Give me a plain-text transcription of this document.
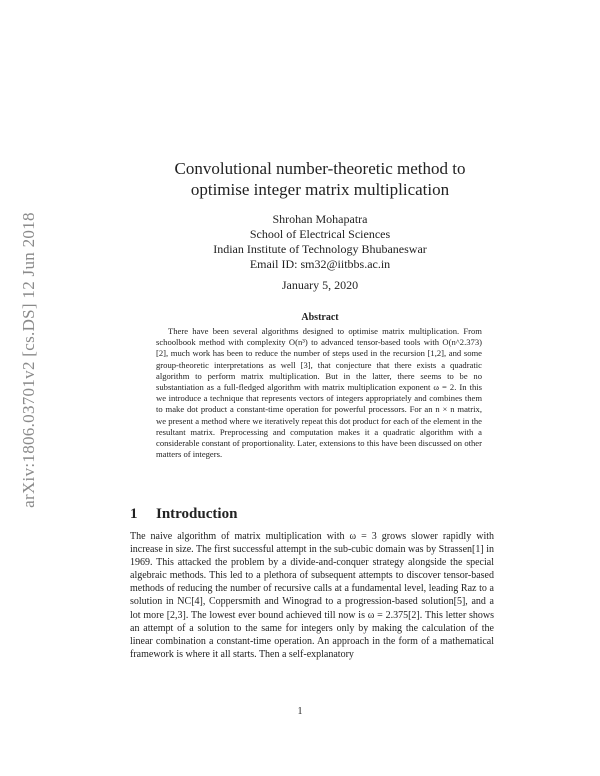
arXiv:1806.03701v2 [cs.DS] 12 Jun 2018
Convolutional number-theoretic method to
optimise integer matrix multiplication
Shrohan Mohapatra
School of Electrical Sciences
Indian Institute of Technology Bhubaneswar
Email ID: sm32@iitbbs.ac.in
January 5, 2020
Abstract
There have been several algorithms designed to optimise matrix multiplication. From schoolbook method with complexity O(n³) to advanced tensor-based tools with O(n^2.373) [2], much work has been to reduce the number of steps used in the recursion [1,2], and some group-theoretic interpretations as well [3], that conjecture that there exists a quadratic algorithm to perform matrix multiplication. But in the latter, there seems to be no substantiation as a full-fledged algorithm with matrix multiplication exponent ω = 2. In this we introduce a technique that represents vectors of integers appropriately and combines them to make dot product a constant-time operation for powerful processors. For an n × n matrix, we present a method where we iteratively repeat this dot product for each of the element in the resultant matrix. Preprocessing and computation makes it a quadratic algorithm with a considerable constant of proportionality. Later, extensions to this have been discussed on other matters of integers.
1 Introduction
The naive algorithm of matrix multiplication with ω = 3 grows slower rapidly with increase in size. The first successful attempt in the sub-cubic domain was by Strassen[1] in 1969. This attacked the problem by a divide-and-conquer strategy alongside the special algebraic methods. This led to a plethora of subsequent attempts to discover tensor-based methods of reducing the number of recursive calls at a fundamental level, leading Raz to a solution in NC[4], Coppersmith and Winograd to a progression-based solution[5], and a lot more [2,3]. The lowest ever bound achieved till now is ω = 2.375[2]. This letter shows an attempt of a solution to the same for integers only by making the calculation of the linear combination a constant-time operation. An approach in the form of a mathematical framework is where it all starts. Then a self-explanatory
1
